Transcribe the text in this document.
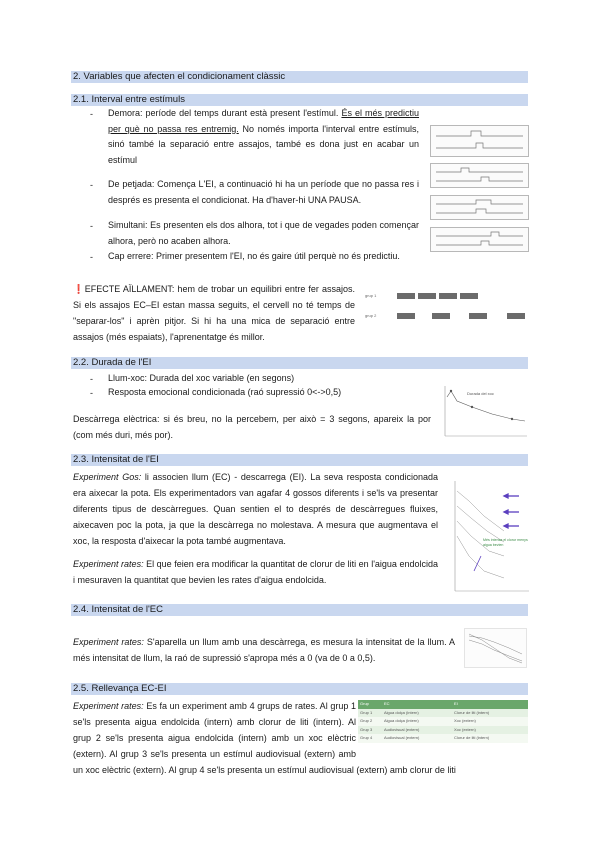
2. Variables que afecten el condicionament clàssic
2.1. Interval entre estímuls
- Demora: període del temps durant està present l'estímul. És el més predictiu per què no passa res entremig. No només importa l'interval entre estímuls, sinó també la separació entre assajos, també es dona just en acabar un estímul
- De petjada: Comença L'EI, a continuació hi ha un període que no passa res i després es presenta el condicionat. Ha d'haver-hi UNA PAUSA.
- Simultani: Es presenten els dos alhora, tot i que de vegades poden començar alhora, però no acaben alhora.
- Cap errere: Primer presentem l'EI, no és gaire útil perquè no és predictiu.
❗EFECTE AÏLLAMENT: hem de trobar un equilibri entre fer assajos. Si els assajos EC–EI estan massa seguits, el cervell no té temps de "separar-los" i aprèn pitjor. Si hi ha una mica de separació entre assajos (més espaiats), l'aprenentatge és millor.
grup 1
grup 2
2.2. Durada de l'EI
- Llum-xoc: Durada del xoc variable (en segons)
- Resposta emocional condicionada (raó supressió 0<->0,5)
Descàrrega elèctrica: si és breu, no la percebem, per això = 3 segons, apareix la por (com més duri, més por).
Durada del xoc
2.3. Intensitat de l'EI
Experiment Gos: li associen llum (EC) - descarrega (EI). La seva resposta condicionada era aixecar la pota. Els experimentadors van agafar 4 gossos diferents i se'ls va presentar diferents tipus de descàrregues. Quan sentien el to després de descàrregues fluixes, aixecaven poc la pota, ja que la descàrrega no molestava. A mesura que augmentava el xoc, la resposta d'aixecar la pota també augmentava.
Experiment rates: El que feien era modificar la quantitat de clorur de liti en l'aigua endolcida i mesuraven la quantitat que bevien les rates d'aigua endolcida.
Més intensa el clorur menys aigua bevien
2.4. Intensitat de l'EC
Experiment rates: S'aparella un llum amb una descàrrega, es mesura la intensitat de la llum. A més intensitat de llum, la raó de supressió s'apropa més a 0 (va de 0 a 0,5).
2.5. Rellevança EC-EI
Experiment rates: Es fa un experiment amb 4 grups de rates. Al grup 1 se'ls presenta aigua endolcida (intern) amb clorur de liti (intern). Al grup 2 se'ls presenta aigua endolcida (intern) amb un xoc elèctric (extern). Al grup 3 se'ls presenta un estímul audiovisual (extern) amb un xoc elèctric (extern). Al grup 4 se'ls presenta un estímul audiovisual (extern) amb clorur de liti
Grup	EC	EI
Grup 1	Aigua dolça (intern)	Clorur de liti (intern)
Grup 2	Aigua dolça (intern)	Xoc (extern)
Grup 3	Audiovisual (extern)	Xoc (extern)
Grup 4	Audiovisual (extern)	Clorur de liti (intern)
